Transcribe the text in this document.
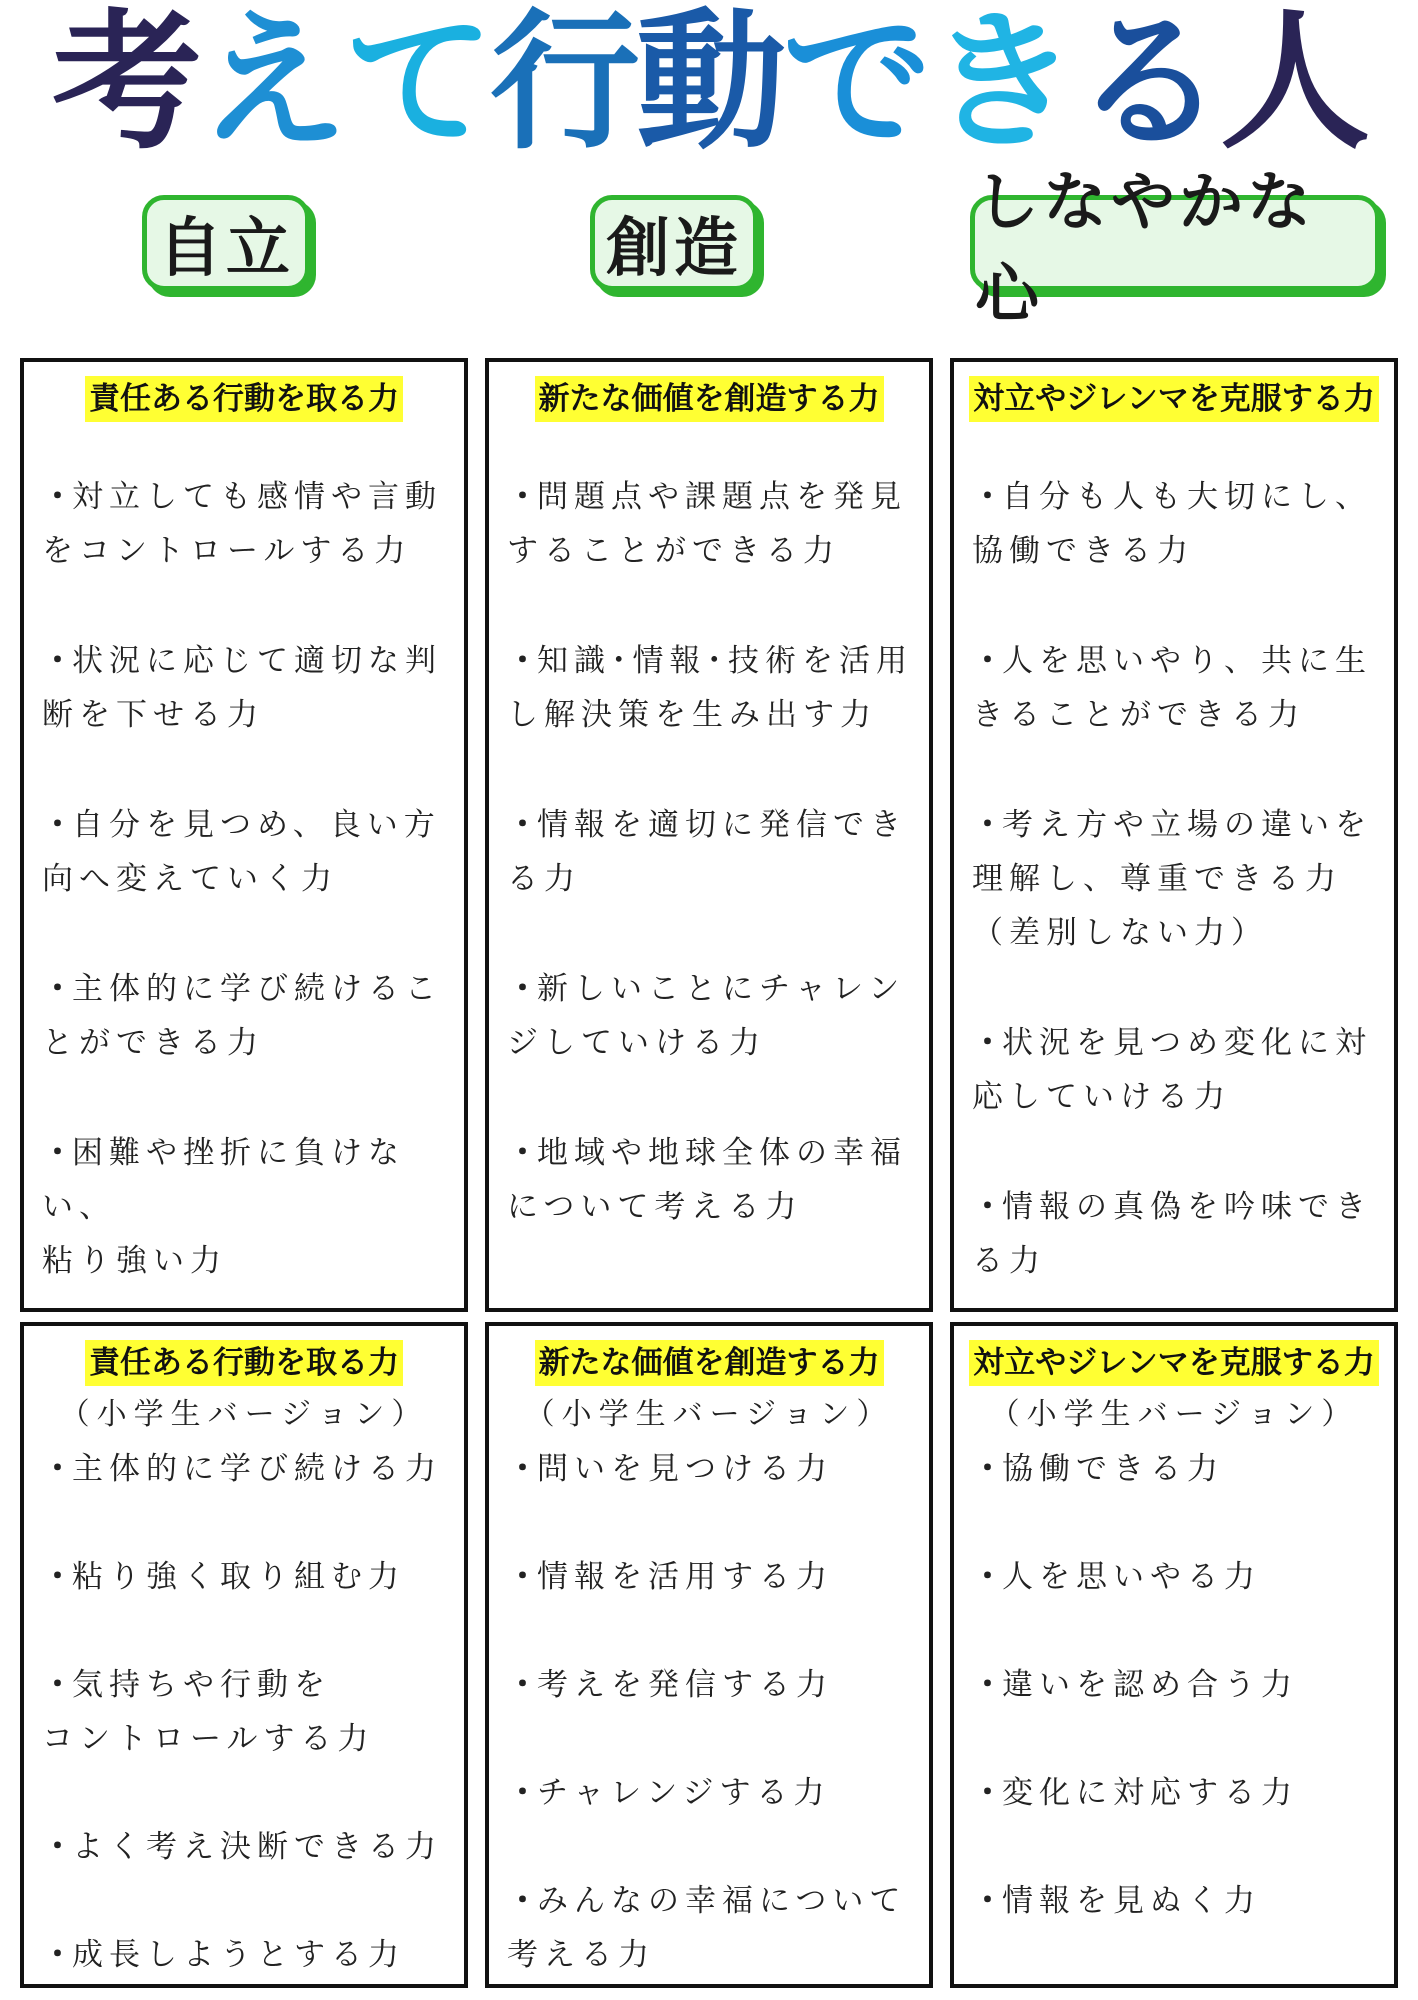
考えて行動できる人
自立	創造
しなやかな心
責任ある行動を取る力
・対立しても感情や言動
をコントロールする力
・状況に応じて適切な判
断を下せる力
・自分を見つめ、良い方
向へ変えていく力
・主体的に学び続けるこ
とができる力
・困難や挫折に負けない、
粘り強い力
新たな価値を創造する力
・問題点や課題点を発見
することができる力
・知識･情報･技術を活用
し解決策を生み出す力
・情報を適切に発信でき
る力
・新しいことにチャレン
ジしていける力
・地域や地球全体の幸福
について考える力
対立やジレンマを克服する力
・自分も人も大切にし、
協働できる力
・人を思いやり、共に生
きることができる力
・考え方や立場の違いを
理解し、尊重できる力
（差別しない力）
・状況を見つめ変化に対
応していける力
・情報の真偽を吟味でき
る力
責任ある行動を取る力
（小学生バージョン）
・主体的に学び続ける力
・粘り強く取り組む力
・気持ちや行動を
コントロールする力
・よく考え決断できる力
・成長しようとする力
新たな価値を創造する力
（小学生バージョン）
・問いを見つける力
・情報を活用する力
・考えを発信する力
・チャレンジする力
・みんなの幸福について
考える力
対立やジレンマを克服する力
（小学生バージョン）
・協働できる力
・人を思いやる力
・違いを認め合う力
・変化に対応する力
・情報を見ぬく力
